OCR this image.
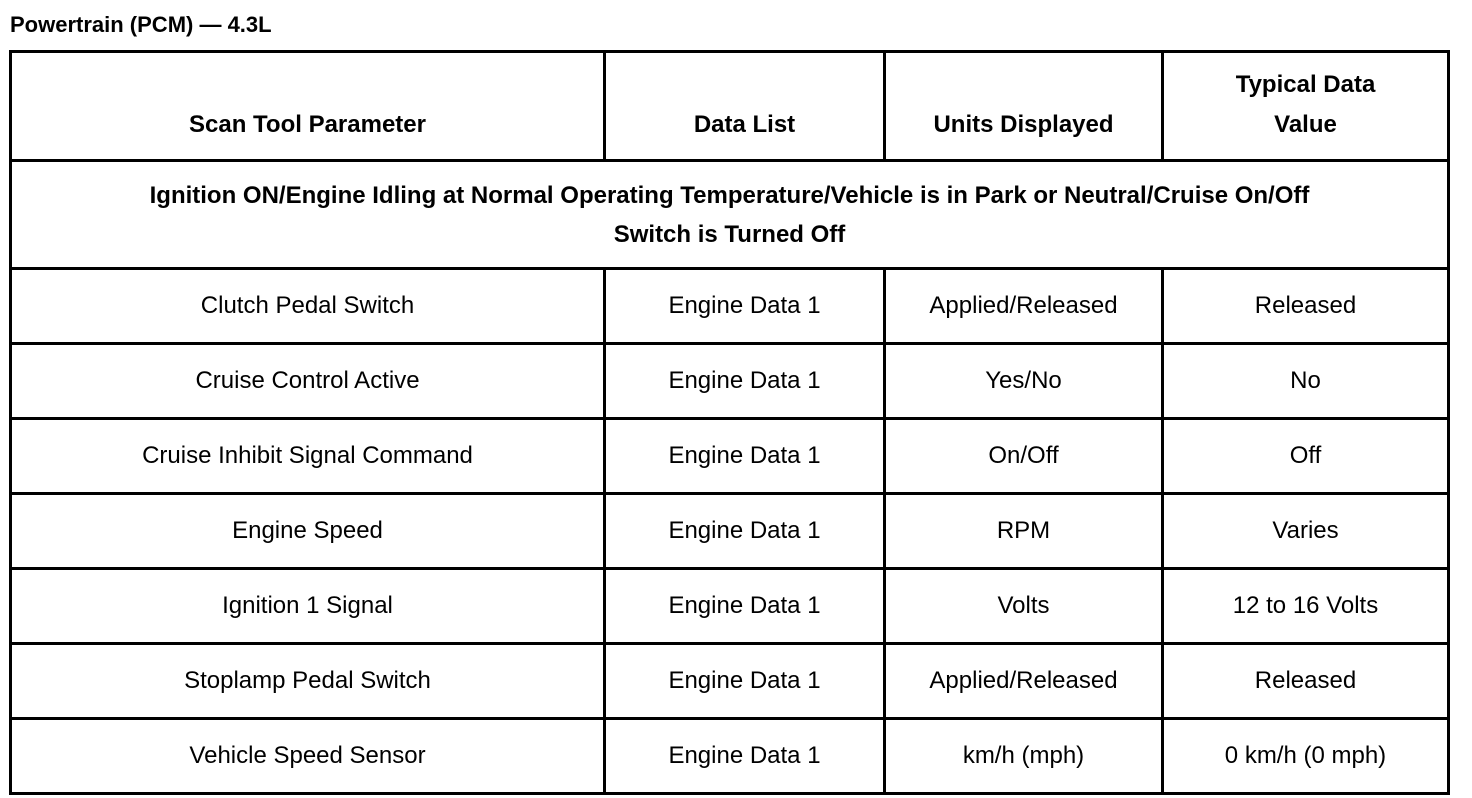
Powertrain (PCM) — 4.3L
Scan Tool Parameter	Data List	Units Displayed	Typical Data Value

Ignition ON/Engine Idling at Normal Operating Temperature/Vehicle is in Park or Neutral/Cruise On/Off
Switch is Turned Off			

Clutch Pedal Switch	Engine Data 1	Applied/Released	Released
Cruise Control Active	Engine Data 1	Yes/No	No
Cruise Inhibit Signal Command	Engine Data 1	On/Off	Off
Engine Speed	Engine Data 1	RPM	Varies
Ignition 1 Signal	Engine Data 1	Volts	12 to 16 Volts
Stoplamp Pedal Switch	Engine Data 1	Applied/Released	Released
Vehicle Speed Sensor	Engine Data 1	km/h (mph)	0 km/h (0 mph)
